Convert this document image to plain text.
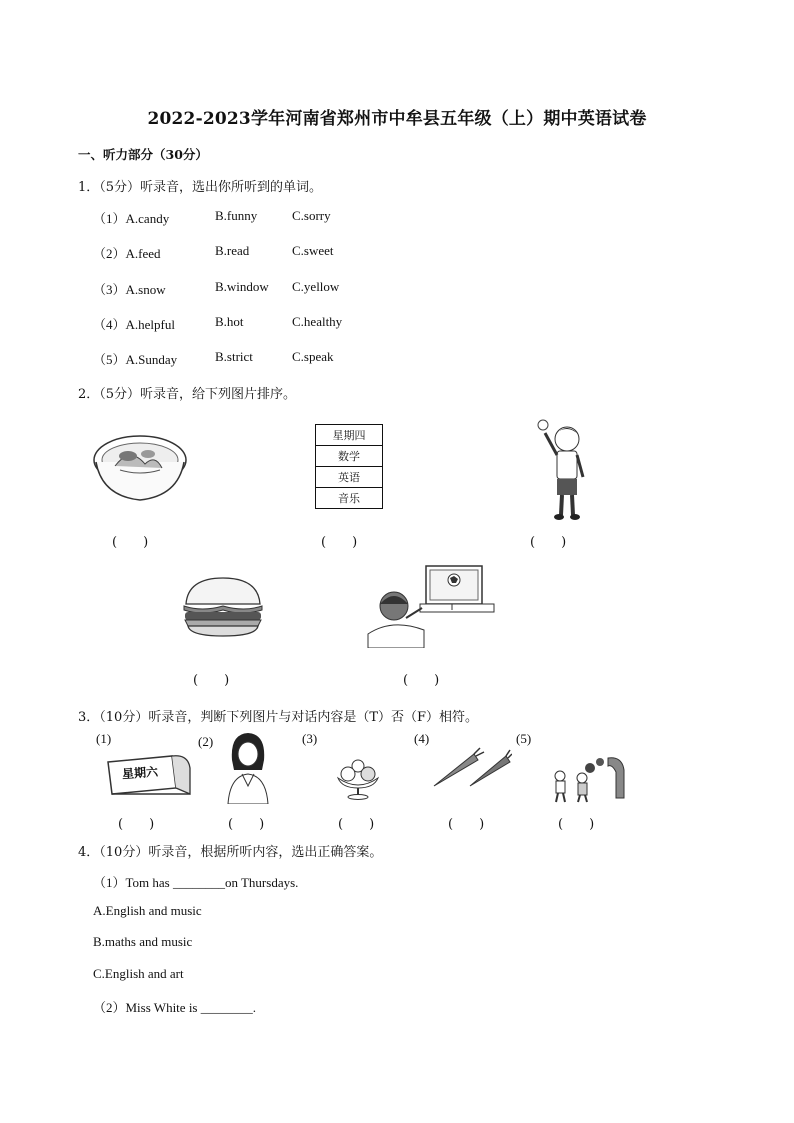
2022-2023学年河南省郑州市中牟县五年级（上）期中英语试卷
一、听力部分（30分）
1．（5分）听录音，选出你所听到的单词。
（1）A.candy	B.funny	C.sorry
（2）A.feed	B.read	C.sweet
（3）A.snow	B.window C.yellow
（4）A.helpful	B.hot	C.healthy
（5）A.Sunday	B.strict	C.speak
2．（5分）听录音，给下列图片排序。
星期四
数学
英语
音乐
(　　)	(　　)	(　　)
(　　)	(　　)
3．（10分）听录音，判断下列图片与对话内容是（T）否（F）相符。
(1)	(2)	(3)	(4)	(5)
星期六
(　　)	(　　)	(　　)	(　　)	(　　)
4．（10分）听录音，根据所听内容，选出正确答案。
（1）Tom has ________on Thursdays.
A.English and music
B.maths and music
C.English and art
（2）Miss White is ________.
